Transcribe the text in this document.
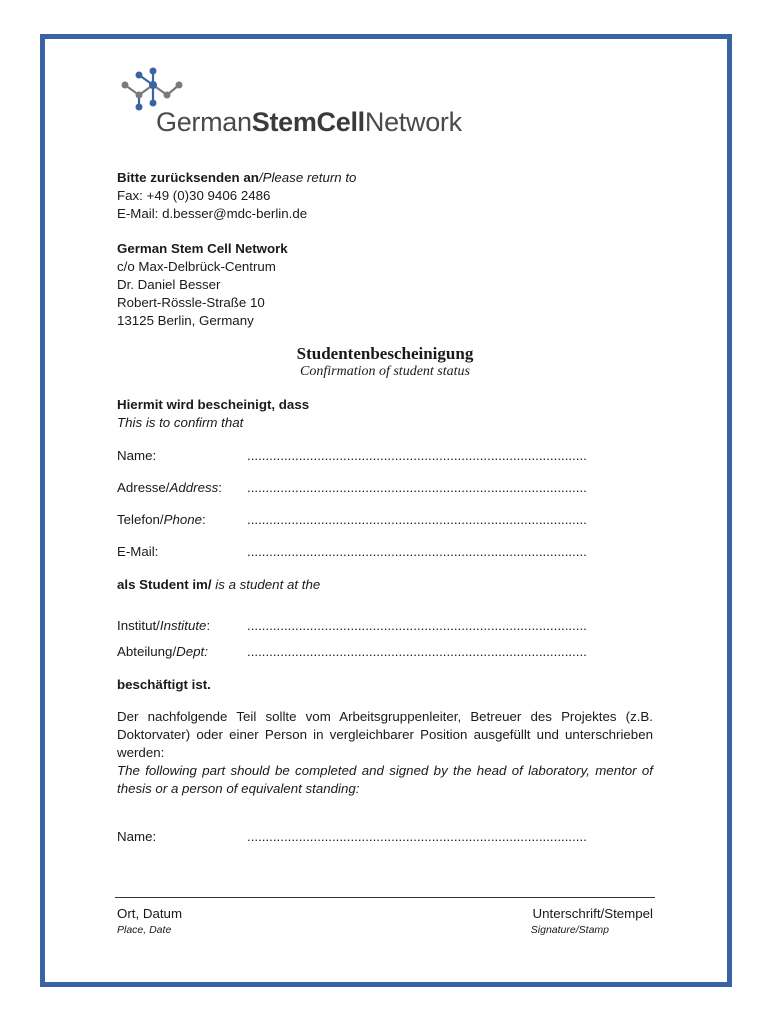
GermanStemCellNetwork
Bitte zurücksenden an/Please return to
Fax: +49 (0)30 9406 2486
E-Mail: d.besser@mdc-berlin.de
German Stem Cell Network
c/o Max-Delbrück-Centrum
Dr. Daniel Besser
Robert-Rössle-Straße 10
13125 Berlin, Germany
Studentenbescheinigung
Confirmation of student status
Hiermit wird bescheinigt, dass
This is to confirm that
Name:	............................................................................................
Adresse/Address: ............................................................................................
Telefon/Phone:	............................................................................................
E-Mail:	............................................................................................
als Student im/ is a student at the
Institut/Institute:	............................................................................................
Abteilung/Dept:	............................................................................................
beschäftigt ist.
Der nachfolgende Teil sollte vom Arbeitsgruppenleiter, Betreuer des Projektes (z.B. Doktorvater) oder einer Person in vergleichbarer Position ausgefüllt und unterschrieben werden:
The following part should be completed and signed by the head of laboratory, mentor of thesis or a person of equivalent standing:
Name:	............................................................................................
Ort, Datum
Place, Date
Unterschrift/Stempel
Signature/Stamp
